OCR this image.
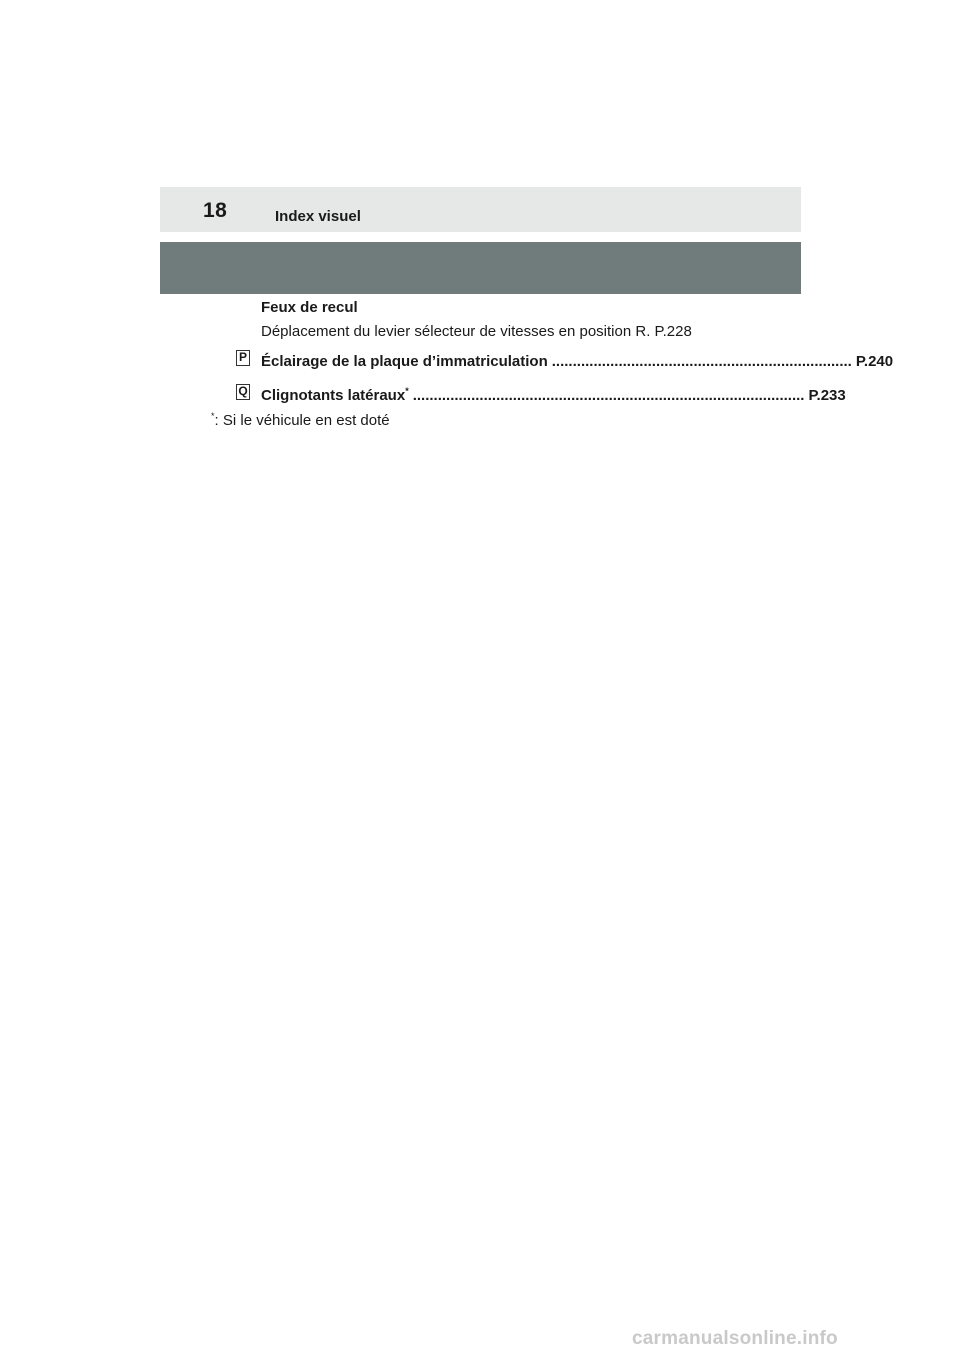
18	Index visuel
Feux de recul
Déplacement du levier sélecteur de vitesses en position R. P.228
P Éclairage de la plaque d’immatriculation ........................................................................ P.240
Q Clignotants latéraux* .............................................................................................. P.233
*: Si le véhicule en est doté
carmanualsonline.info
